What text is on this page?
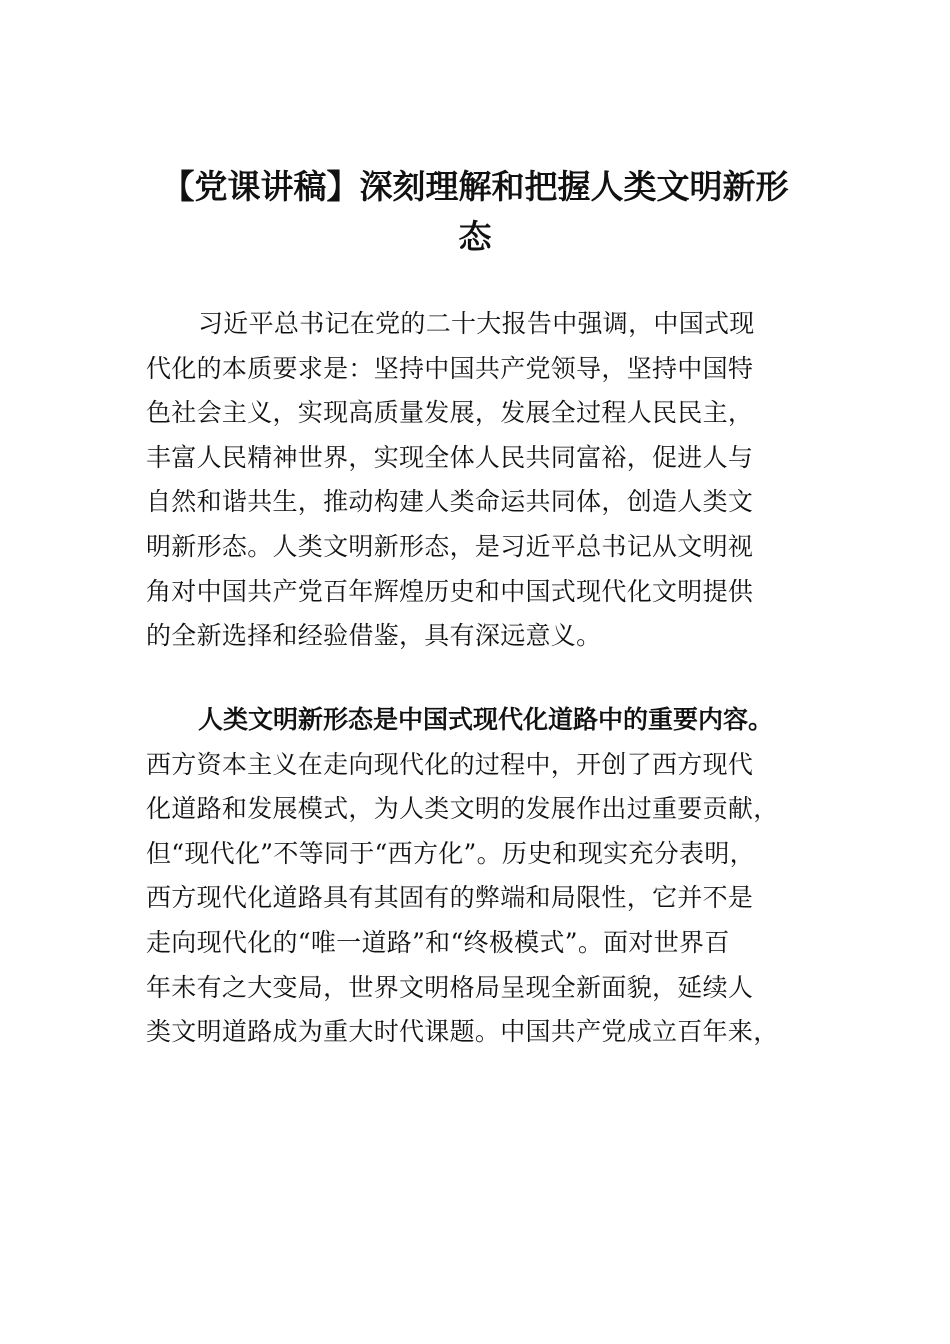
【党课讲稿】深刻理解和把握人类文明新形
态
习近平总书记在党的二十大报告中强调，中国式现
代化的本质要求是：坚持中国共产党领导，坚持中国特
色社会主义，实现高质量发展，发展全过程人民民主，
丰富人民精神世界，实现全体人民共同富裕，促进人与
自然和谐共生，推动构建人类命运共同体，创造人类文
明新形态。人类文明新形态，是习近平总书记从文明视
角对中国共产党百年辉煌历史和中国式现代化文明提供
的全新选择和经验借鉴，具有深远意义。
人类文明新形态是中国式现代化道路中的重要内容。
西方资本主义在走向现代化的过程中，开创了西方现代
化道路和发展模式，为人类文明的发展作出过重要贡献，
但“现代化”不等同于“西方化”。历史和现实充分表明，
西方现代化道路具有其固有的弊端和局限性，它并不是
走向现代化的“唯一道路”和“终极模式”。面对世界百
年未有之大变局，世界文明格局呈现全新面貌，延续人
类文明道路成为重大时代课题。中国共产党成立百年来，
